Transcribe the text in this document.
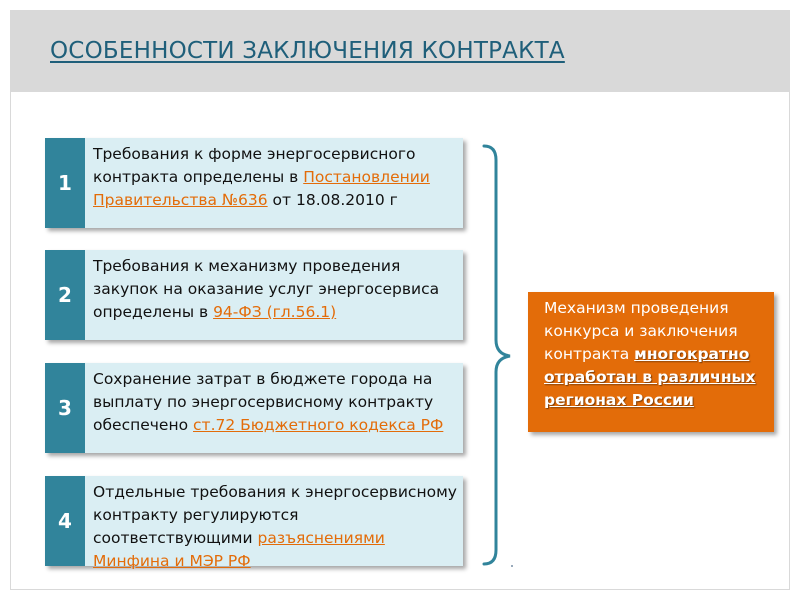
ОСОБЕННОСТИ ЗАКЛЮЧЕНИЯ КОНТРАКТА
1
Требования к форме энергосервисного контракта определены в Постановлении Правительства №636 от 18.08.2010 г
2
Требования к механизму проведения закупок на оказание услуг энергосервиса определены в 94-ФЗ (гл.56.1)
3
Сохранение затрат в бюджете города на выплату по энергосервисному контракту обеспечено ст.72 Бюджетного кодекса РФ
4
Отдельные требования к энергосервисному контракту регулируются соответствующими разъяснениями Минфина и МЭР РФ
Механизм проведения конкурса и заключения контракта многократно отработан в различных регионах России
